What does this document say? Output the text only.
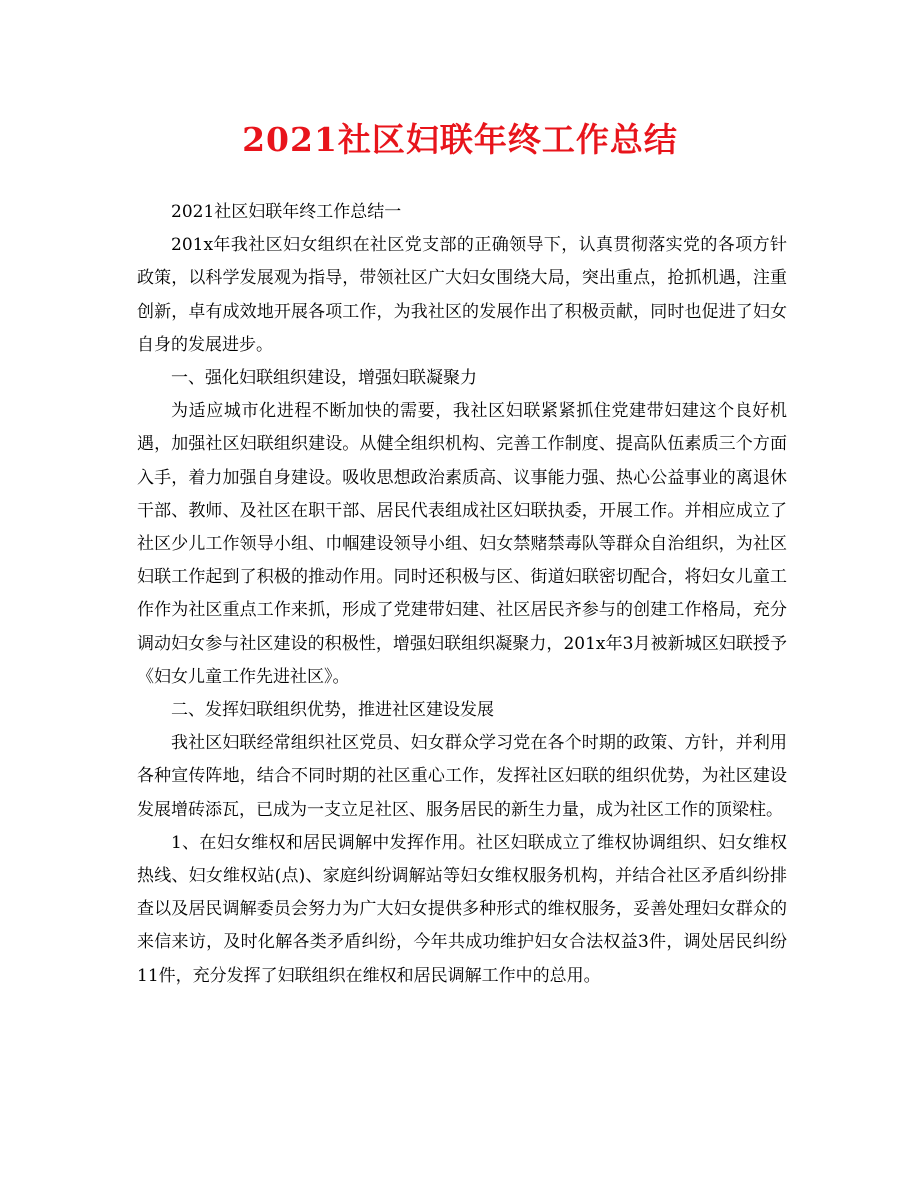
2021社区妇联年终工作总结

2021社区妇联年终工作总结一

201x年我社区妇女组织在社区党支部的正确领导下，认真贯彻落实党的各项方针政策，以科学发展观为指导，带领社区广大妇女围绕大局，突出重点，抢抓机遇，注重创新，卓有成效地开展各项工作，为我社区的发展作出了积极贡献，同时也促进了妇女自身的发展进步。

一、强化妇联组织建设，增强妇联凝聚力

为适应城市化进程不断加快的需要，我社区妇联紧紧抓住党建带妇建这个良好机遇，加强社区妇联组织建设。从健全组织机构、完善工作制度、提高队伍素质三个方面入手，着力加强自身建设。吸收思想政治素质高、议事能力强、热心公益事业的离退休干部、教师、及社区在职干部、居民代表组成社区妇联执委，开展工作。并相应成立了社区少儿工作领导小组、巾帼建设领导小组、妇女禁赌禁毒队等群众自治组织，为社区妇联工作起到了积极的推动作用。同时还积极与区、街道妇联密切配合，将妇女儿童工作作为社区重点工作来抓，形成了党建带妇建、社区居民齐参与的创建工作格局，充分调动妇女参与社区建设的积极性，增强妇联组织凝聚力，201x年3月被新城区妇联授予《妇女儿童工作先进社区》。

二、发挥妇联组织优势，推进社区建设发展

我社区妇联经常组织社区党员、妇女群众学习党在各个时期的政策、方针，并利用各种宣传阵地，结合不同时期的社区重心工作，发挥社区妇联的组织优势，为社区建设发展增砖添瓦，已成为一支立足社区、服务居民的新生力量，成为社区工作的顶梁柱。

1、在妇女维权和居民调解中发挥作用。社区妇联成立了维权协调组织、妇女维权热线、妇女维权站(点)、家庭纠纷调解站等妇女维权服务机构，并结合社区矛盾纠纷排查以及居民调解委员会努力为广大妇女提供多种形式的维权服务，妥善处理妇女群众的来信来访，及时化解各类矛盾纠纷，今年共成功维护妇女合法权益3件，调处居民纠纷11件，充分发挥了妇联组织在维权和居民调解工作中的总用。
